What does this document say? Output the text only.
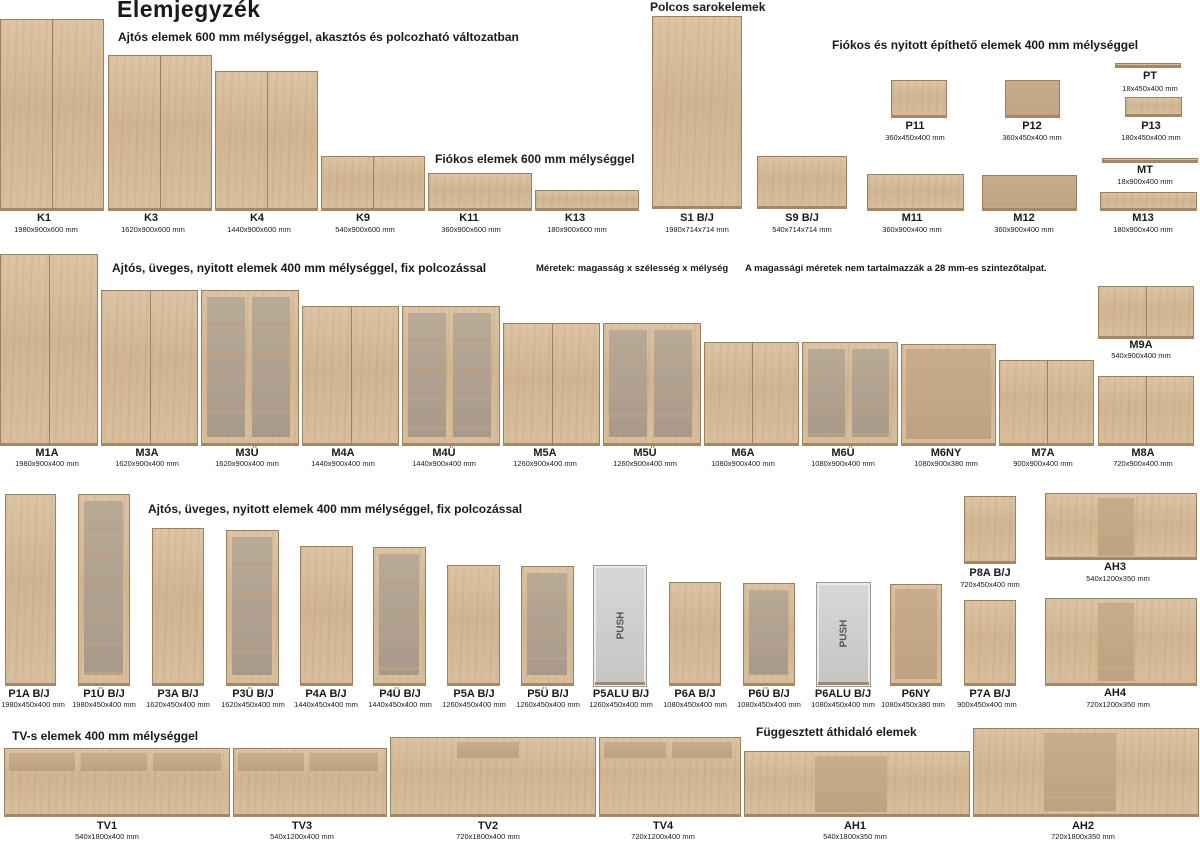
Elemjegyzék
Ajtós elemek 600 mm mélységgel, akasztós és polcozható változatban
Fiókos elemek 600 mm mélységgel
Polcos sarokelemek
Fiókos és nyitott építhető elemek 400 mm mélységgel
Ajtós, üveges, nyitott elemek 400 mm mélységgel, fix polcozással	Méretek: magasság x szélesség x mélység A magassági méretek nem tartalmazzák a 28 mm-es szintezőtalpat.
Ajtós, üveges, nyitott elemek 400 mm mélységgel, fix polcozással
TV-s elemek 400 mm mélységgel	Függesztett áthidaló elemek
PUSH	PUSH
K1
1980x900x600 mm
K3
1620x900x600 mm
K4
1440x900x600 mm
K9
540x900x600 mm
K11
360x900x600 mm
K13
180x900x600 mm
S1 B/J
1980x714x714 mm
S9 B/J
540x714x714 mm
M11
360x900x400 mm
M12
360x900x400 mm
M13
180x900x400 mm
P11
360x450x400 mm
P12
360x450x400 mm
P13
180x450x400 mm
PT
18x450x400 mm
MT
18x900x400 mm
M1A
1980x900x400 mm
M3A
1620x900x400 mm
M3Ü
1620x900x400 mm
M4A
1440x900x400 mm
M4Ü
1440x900x400 mm
M5A
1260x900x400 mm
M5Ü
1260x900x400 mm
M6A
1080x900x400 mm
M6Ü
1080x900x400 mm
M6NY
1080x900x380 mm
M7A
900x900x400 mm
M8A
720x900x400 mm
M9A
540x900x400 mm
P1A B/J
1980x450x400 mm
P1Ü B/J
1980x450x400 mm
P3A B/J
1620x450x400 mm
P3Ü B/J
1620x450x400 mm
P4A B/J
1440x450x400 mm
P4Ü B/J
1440x450x400 mm
P5A B/J
1260x450x400 mm
P5Ü B/J
1260x450x400 mm
P5ALU B/J
1260x450x400 mm
P6A B/J
1080x450x400 mm
P6Ü B/J
1080x450x400 mm
P6ALU B/J
1080x450x400 mm
P6NY
1080x450x380 mm
P7A B/J
900x450x400 mm
P8A B/J
720x450x400 mm
AH3
540x1200x350 mm
AH4
720x1200x350 mm
TV1
540x1800x400 mm
TV3
540x1200x400 mm
TV2
720x1800x400 mm
TV4
720x1200x400 mm
AH1
540x1800x350 mm
AH2
720x1800x350 mm
